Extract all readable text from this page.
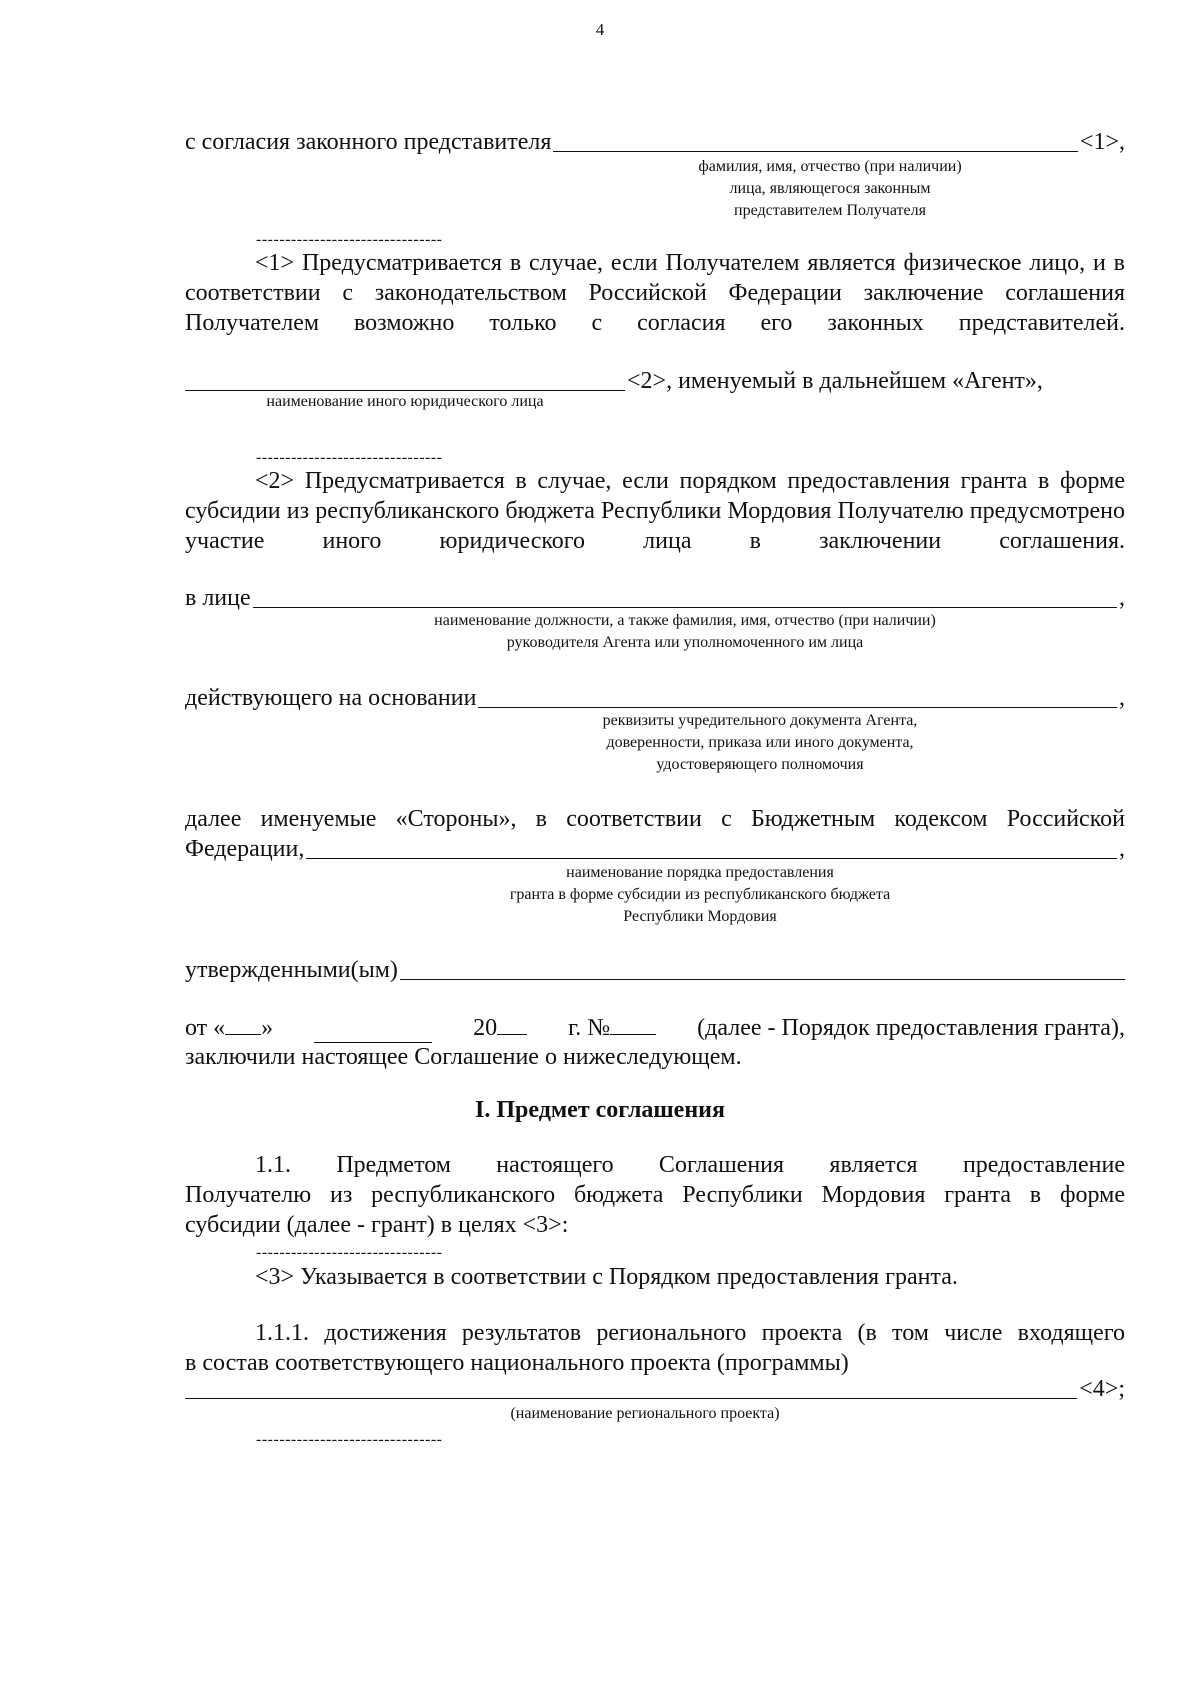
4
с согласия законного представителя	<1>,
фамилия, имя, отчество (при наличии)
лица, являющегося законным
представителем Получателя
--------------------------------
<1> Предусматривается в случае, если Получателем является физическое лицо, и в соответствии с законодательством Российской Федерации заключение соглашения Получателем возможно только с согласия его законных представителей.
<2>, именуемый в дальнейшем «Агент»,
наименование иного юридического лица
--------------------------------
<2> Предусматривается в случае, если порядком предоставления гранта в форме субсидии из республиканского бюджета Республики Мордовия Получателю предусмотрено участие иного юридического лица в заключении соглашения.
в лице	,
наименование должности, а также фамилия, имя, отчество (при наличии)
руководителя Агента или уполномоченного им лица
действующего на основании	,
реквизиты учредительного документа Агента,
доверенности, приказа или иного документа,
удостоверяющего полномочия
далее именуемые «Стороны», в соответствии с Бюджетным кодексом Российской
Федерации,	,
наименование порядка предоставления
гранта в форме субсидии из республиканского бюджета
Республики Мордовия
утвержденными(ым)
от « »	20	г. №	(далее - Порядок предоставления гранта),
заключили настоящее Соглашение о нижеследующем.
I. Предмет соглашения
1.1. Предметом настоящего Соглашения является предоставление
Получателю из республиканского бюджета Республики Мордовия гранта в форме
субсидии (далее - грант) в целях <3>:
--------------------------------
<3> Указывается в соответствии с Порядком предоставления гранта.
1.1.1. достижения результатов регионального проекта (в том числе входящего
в состав соответствующего национального проекта (программы)
<4>;
(наименование регионального проекта)
--------------------------------
